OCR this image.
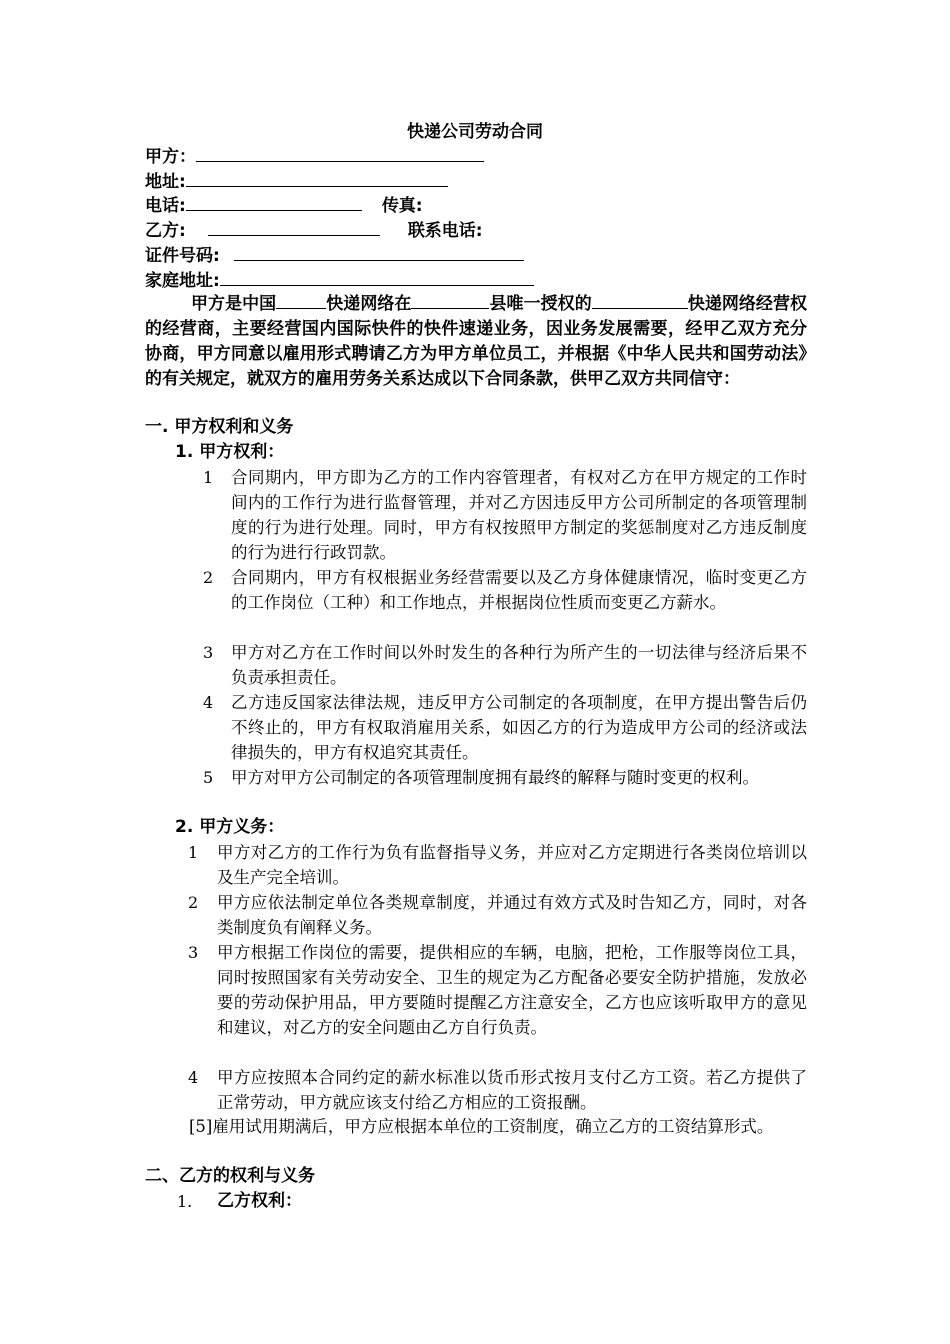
快递公司劳动合同
甲方：
地址:
电话:	传真:
乙方:	联系电话:
证件号码:
家庭地址:
甲方是中国	快递网络在	县唯一授权的	快递网络经营权的经营商，主要经营国内国际快件的快件速递业务，因业务发展需要，经甲乙双方充分协商，甲方同意以雇用形式聘请乙方为甲方单位员工，并根据《中华人民共和国劳动法》的有关规定，就双方的雇用劳务关系达成以下合同条款，供甲乙双方共同信守：
一. 甲方权利和义务
1. 甲方权利：
1 合同期内，甲方即为乙方的工作内容管理者，有权对乙方在甲方规定的工作时间内的工作行为进行监督管理，并对乙方因违反甲方公司所制定的各项管理制度的行为进行处理。同时，甲方有权按照甲方制定的奖惩制度对乙方违反制度的行为进行行政罚款。
2 合同期内，甲方有权根据业务经营需要以及乙方身体健康情况，临时变更乙方的工作岗位（工种）和工作地点，并根据岗位性质而变更乙方薪水。
3 甲方对乙方在工作时间以外时发生的各种行为所产生的一切法律与经济后果不负责承担责任。
4 乙方违反国家法律法规，违反甲方公司制定的各项制度，在甲方提出警告后仍不终止的，甲方有权取消雇用关系，如因乙方的行为造成甲方公司的经济或法律损失的，甲方有权追究其责任。
5 甲方对甲方公司制定的各项管理制度拥有最终的解释与随时变更的权利。
2. 甲方义务：
1 甲方对乙方的工作行为负有监督指导义务，并应对乙方定期进行各类岗位培训以及生产完全培训。
2 甲方应依法制定单位各类规章制度，并通过有效方式及时告知乙方，同时，对各类制度负有阐释义务。
3 甲方根据工作岗位的需要，提供相应的车辆，电脑，把枪，工作服等岗位工具，同时按照国家有关劳动安全、卫生的规定为乙方配备必要安全防护措施，发放必要的劳动保护用品，甲方要随时提醒乙方注意安全，乙方也应该听取甲方的意见和建议，对乙方的安全问题由乙方自行负责。
4 甲方应按照本合同约定的薪水标准以货币形式按月支付乙方工资。若乙方提供了正常劳动，甲方就应该支付给乙方相应的工资报酬。
[5]雇用试用期满后，甲方应根据本单位的工资制度，确立乙方的工资结算形式。
二、乙方的权利与义务
1. 乙方权利：
